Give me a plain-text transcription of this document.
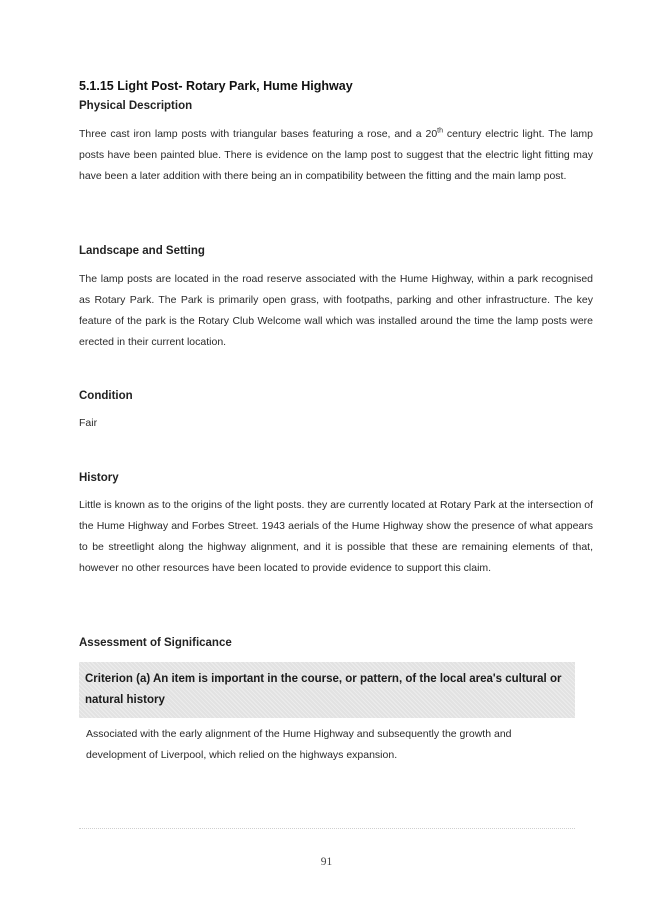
5.1.15 Light Post- Rotary Park, Hume Highway
Physical Description
Three cast iron lamp posts with triangular bases featuring a rose, and a 20th century electric light. The lamp posts have been painted blue. There is evidence on the lamp post to suggest that the electric light fitting may have been a later addition with there being an in compatibility between the fitting and the main lamp post.
Landscape and Setting
The lamp posts are located in the road reserve associated with the Hume Highway, within a park recognised as Rotary Park. The Park is primarily open grass, with footpaths, parking and other infrastructure. The key feature of the park is the Rotary Club Welcome wall which was installed around the time the lamp posts were erected in their current location.
Condition
Fair
History
Little is known as to the origins of the light posts. they are currently located at Rotary Park at the intersection of the Hume Highway and Forbes Street. 1943 aerials of the Hume Highway show the presence of what appears to be streetlight along the highway alignment, and it is possible that these are remaining elements of that, however no other resources have been located to provide evidence to support this claim.
Assessment of Significance
Criterion (a) An item is important in the course, or pattern, of the local area's cultural or natural history
Associated with the early alignment of the Hume Highway and subsequently the growth and development of Liverpool, which relied on the highways expansion.
91
